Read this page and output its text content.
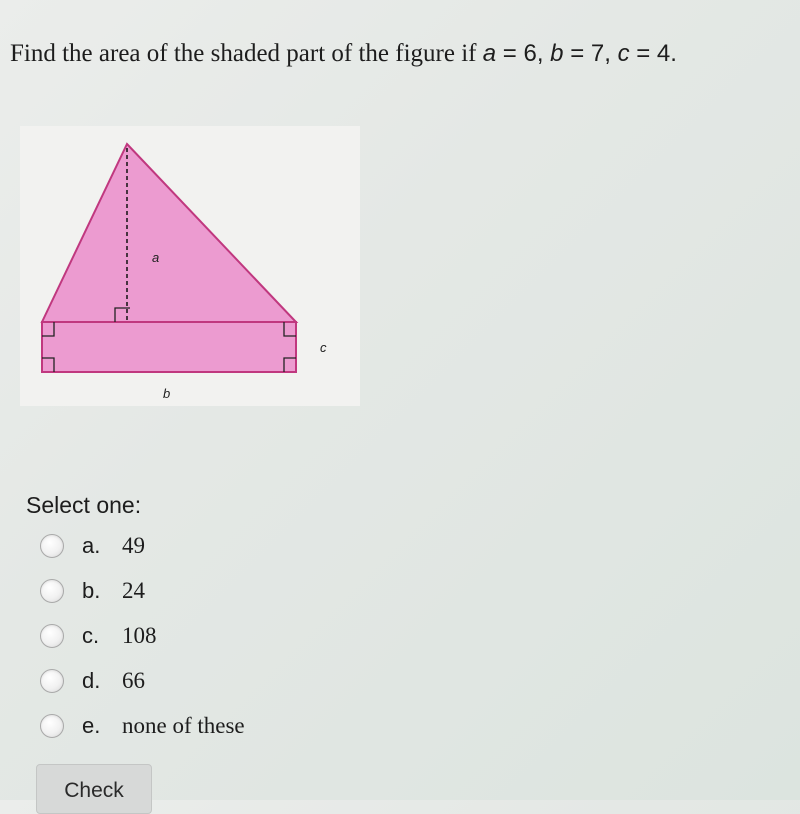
Find the area of the shaded part of the figure if a = 6, b = 7, c = 4.
a
b
c
Select one:
a. 49
b. 24
c. 108
d. 66
e. none of these
Check
